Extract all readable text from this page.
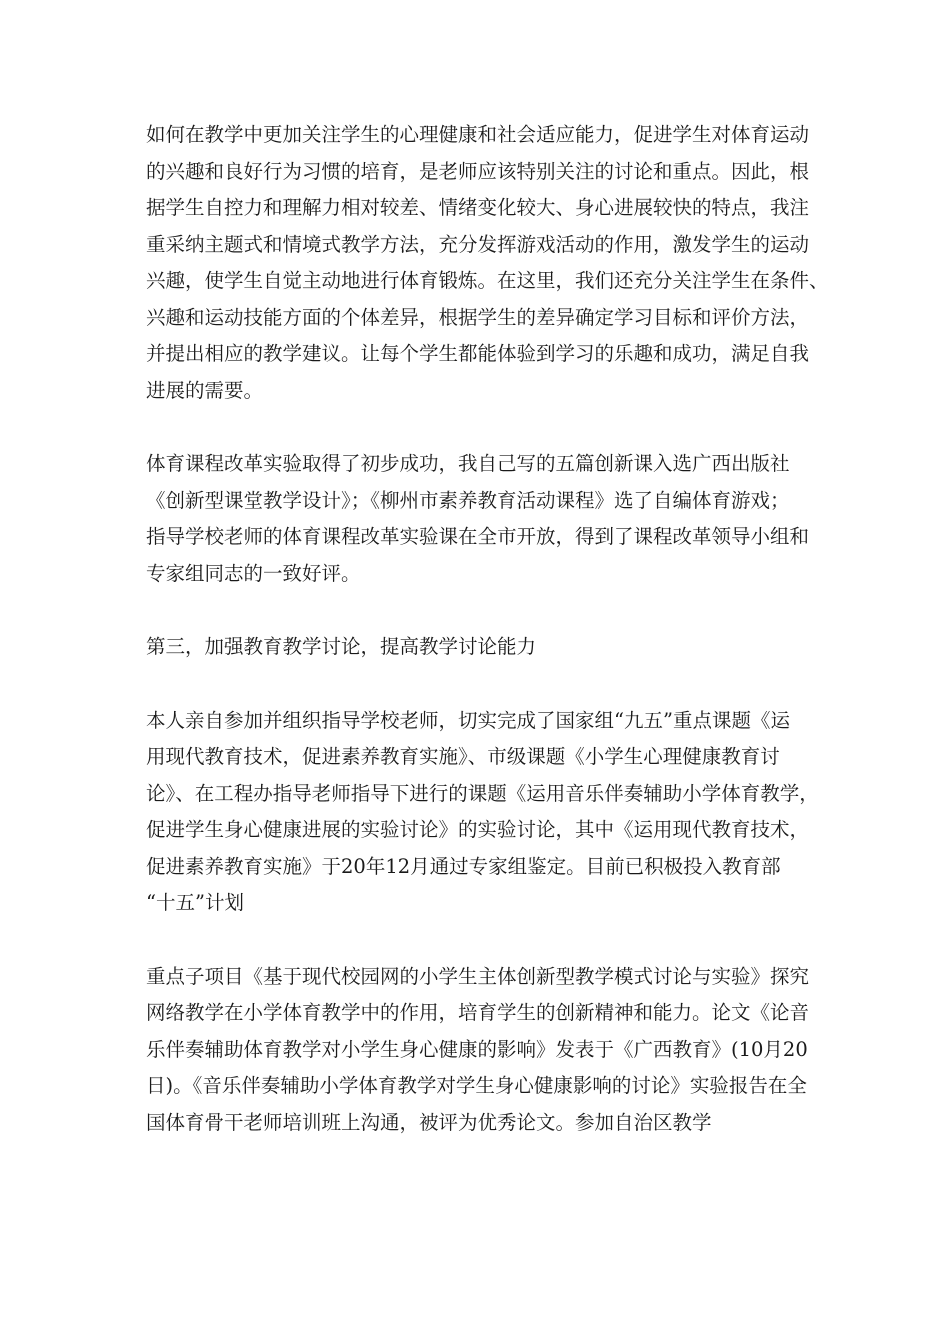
如何在教学中更加关注学生的心理健康和社会适应能力，促进学生对体育运动
的兴趣和良好行为习惯的培育，是老师应该特别关注的讨论和重点。因此，根
据学生自控力和理解力相对较差、情绪变化较大、身心进展较快的特点，我注
重采纳主题式和情境式教学方法，充分发挥游戏活动的作用，激发学生的运动
兴趣，使学生自觉主动地进行体育锻炼。在这里，我们还充分关注学生在条件、
兴趣和运动技能方面的个体差异，根据学生的差异确定学习目标和评价方法，
并提出相应的教学建议。让每个学生都能体验到学习的乐趣和成功，满足自我
进展的需要。
体育课程改革实验取得了初步成功，我自己写的五篇创新课入选广西出版社
《创新型课堂教学设计》；《柳州市素养教育活动课程》选了自编体育游戏；
指导学校老师的体育课程改革实验课在全市开放，得到了课程改革领导小组和
专家组同志的一致好评。
第三，加强教育教学讨论，提高教学讨论能力
本人亲自参加并组织指导学校老师，切实完成了国家组“九五”重点课题《运
用现代教育技术，促进素养教育实施》、市级课题《小学生心理健康教育讨
论》、在工程办指导老师指导下进行的课题《运用音乐伴奏辅助小学体育教学，
促进学生身心健康进展的实验讨论》的实验讨论，其中《运用现代教育技术，
促进素养教育实施》于20年12月通过专家组鉴定。目前已积极投入教育部
“十五”计划
重点子项目《基于现代校园网的小学生主体创新型教学模式讨论与实验》探究
网络教学在小学体育教学中的作用，培育学生的创新精神和能力。论文《论音
乐伴奏辅助体育教学对小学生身心健康的影响》发表于《广西教育》(10月20
日)。《音乐伴奏辅助小学体育教学对学生身心健康影响的讨论》实验报告在全
国体育骨干老师培训班上沟通，被评为优秀论文。参加自治区教学
